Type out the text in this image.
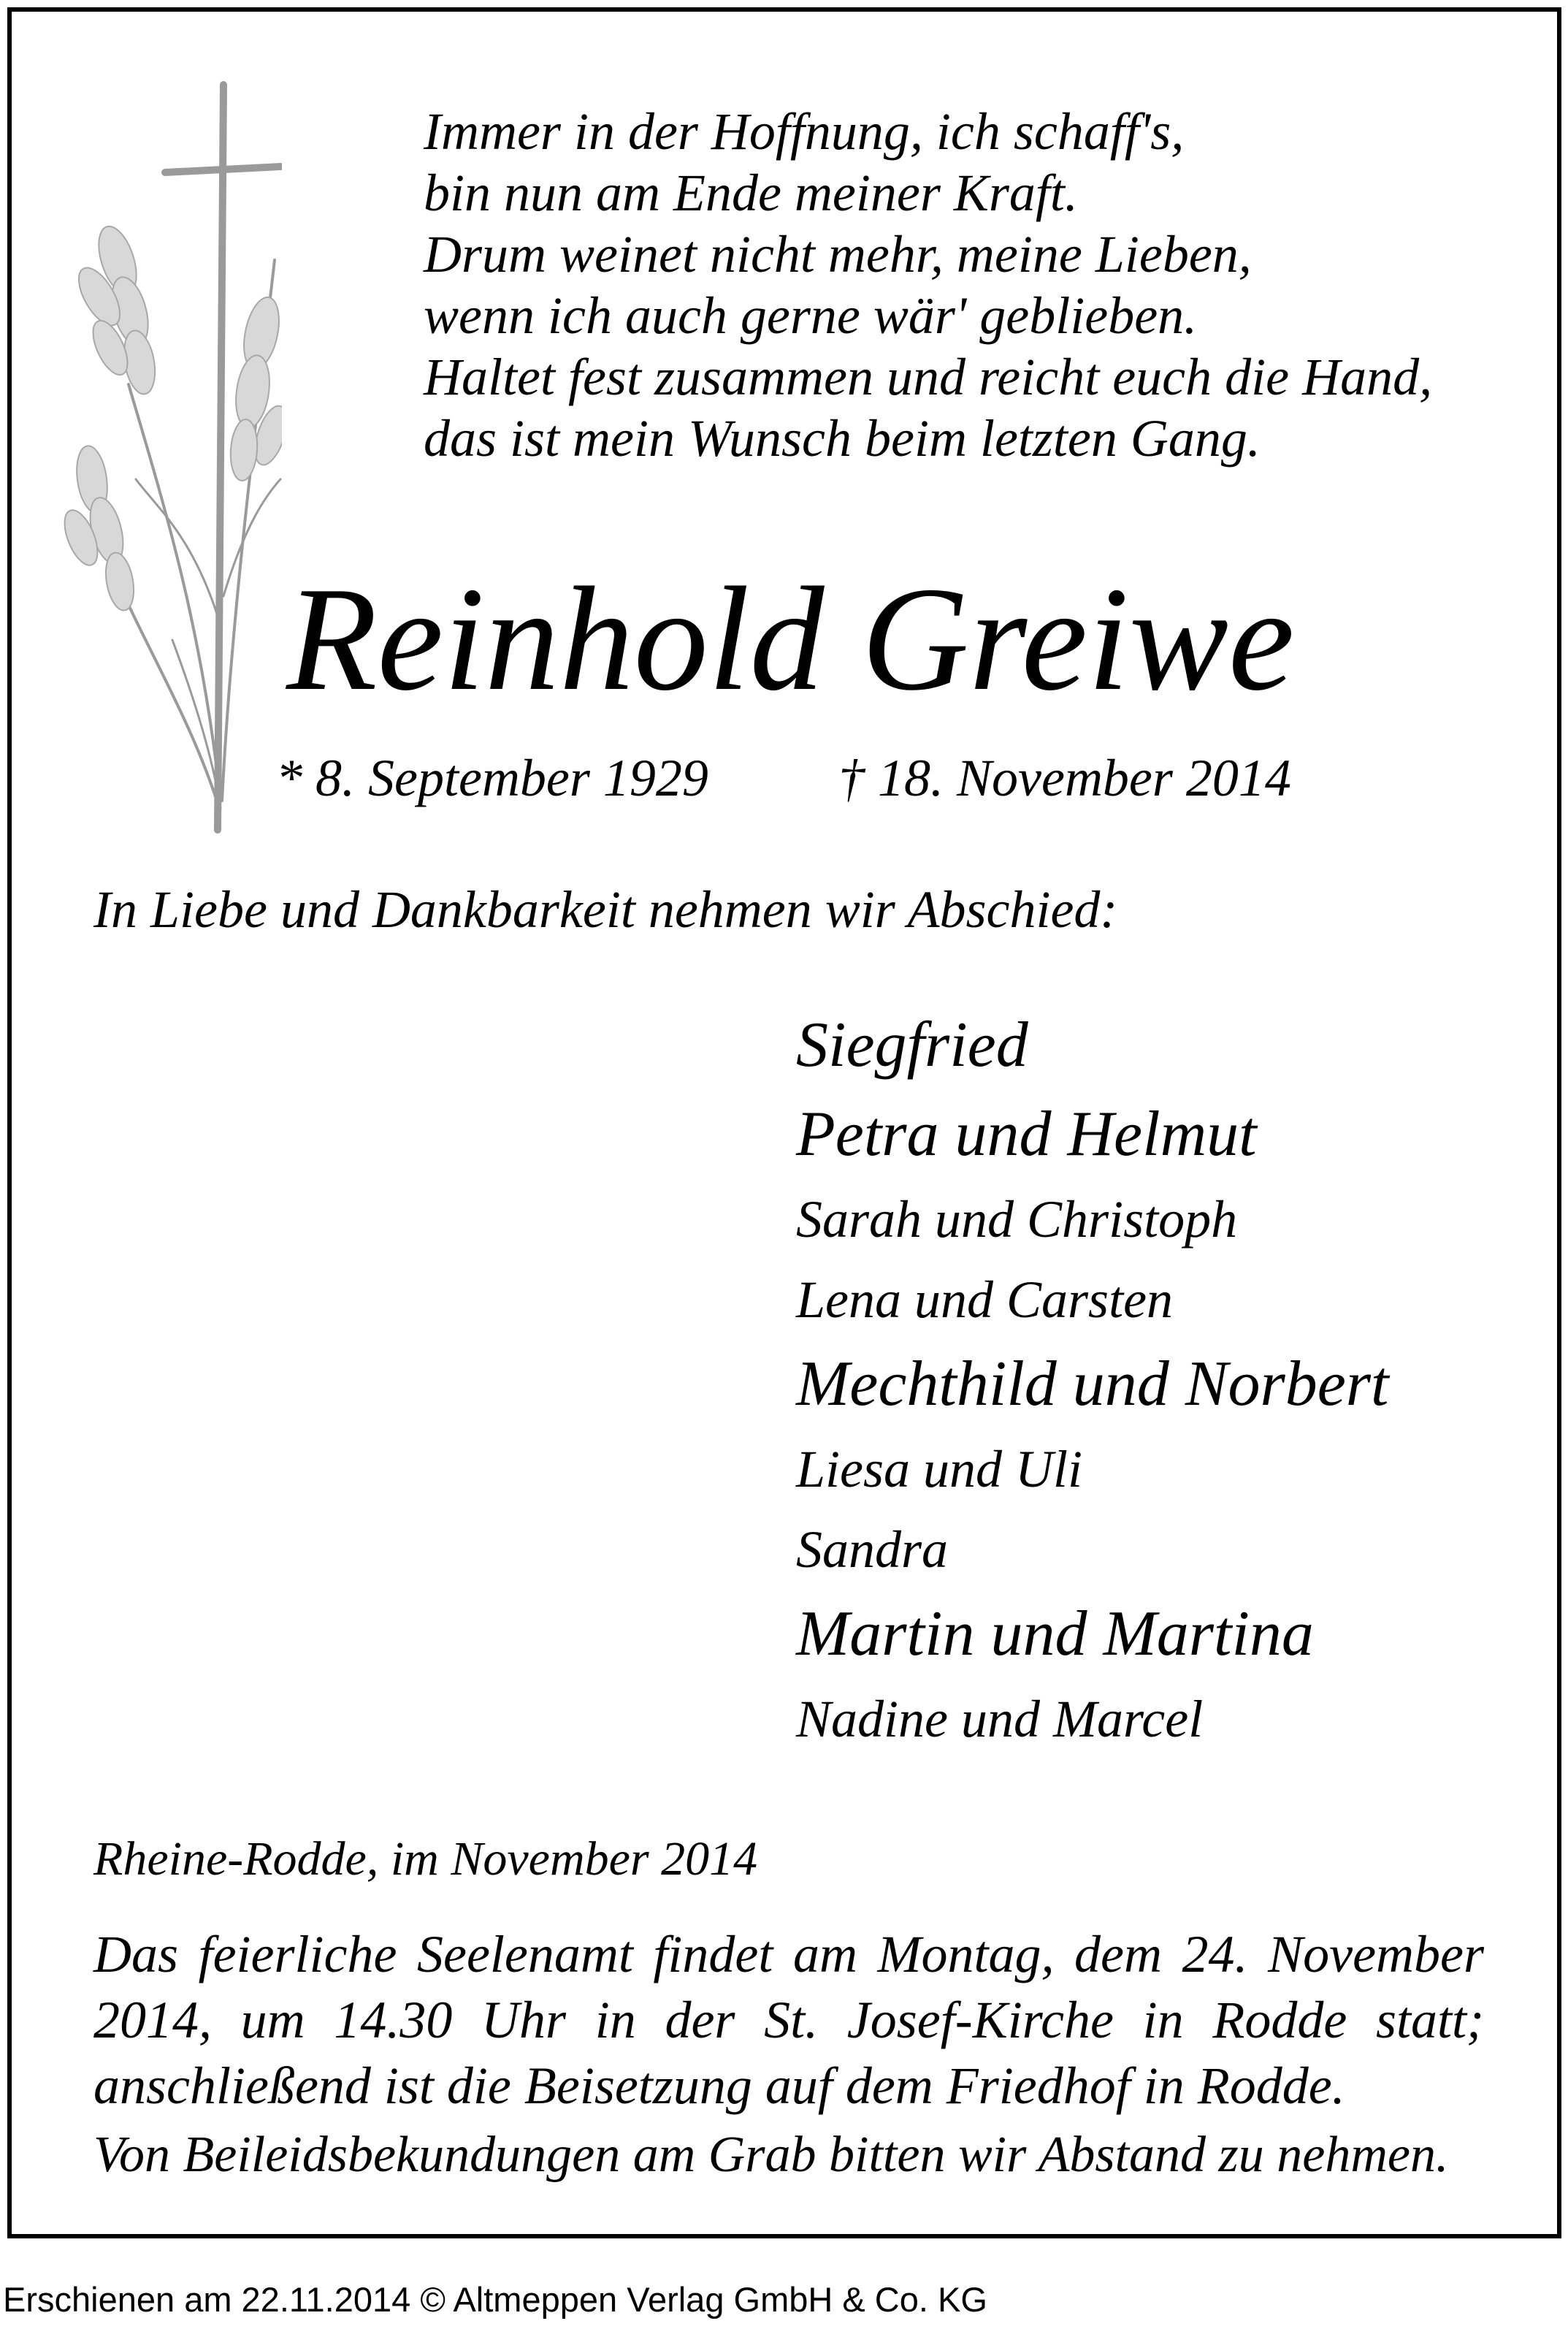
Immer in der Hoffnung, ich schaff's,
bin nun am Ende meiner Kraft.
Drum weinet nicht mehr, meine Lieben,
wenn ich auch gerne wär' geblieben.
Haltet fest zusammen und reicht euch die Hand,
das ist mein Wunsch beim letzten Gang.
Reinhold Greiwe
* 8. September 1929 † 18. November 2014
In Liebe und Dankbarkeit nehmen wir Abschied:
Siegfried
Petra und Helmut
Sarah und Christoph
Lena und Carsten
Mechthild und Norbert
Liesa und Uli
Sandra
Martin und Martina
Nadine und Marcel
Rheine-Rodde, im November 2014
Das feierliche Seelenamt findet am Montag, dem 24. November
2014, um 14.30 Uhr in der St. Josef-Kirche in Rodde statt;
anschließend ist die Beisetzung auf dem Friedhof in Rodde.
Von Beileidsbekundungen am Grab bitten wir Abstand zu nehmen.
Erschienen am 22.11.2014 © Altmeppen Verlag GmbH & Co. KG
